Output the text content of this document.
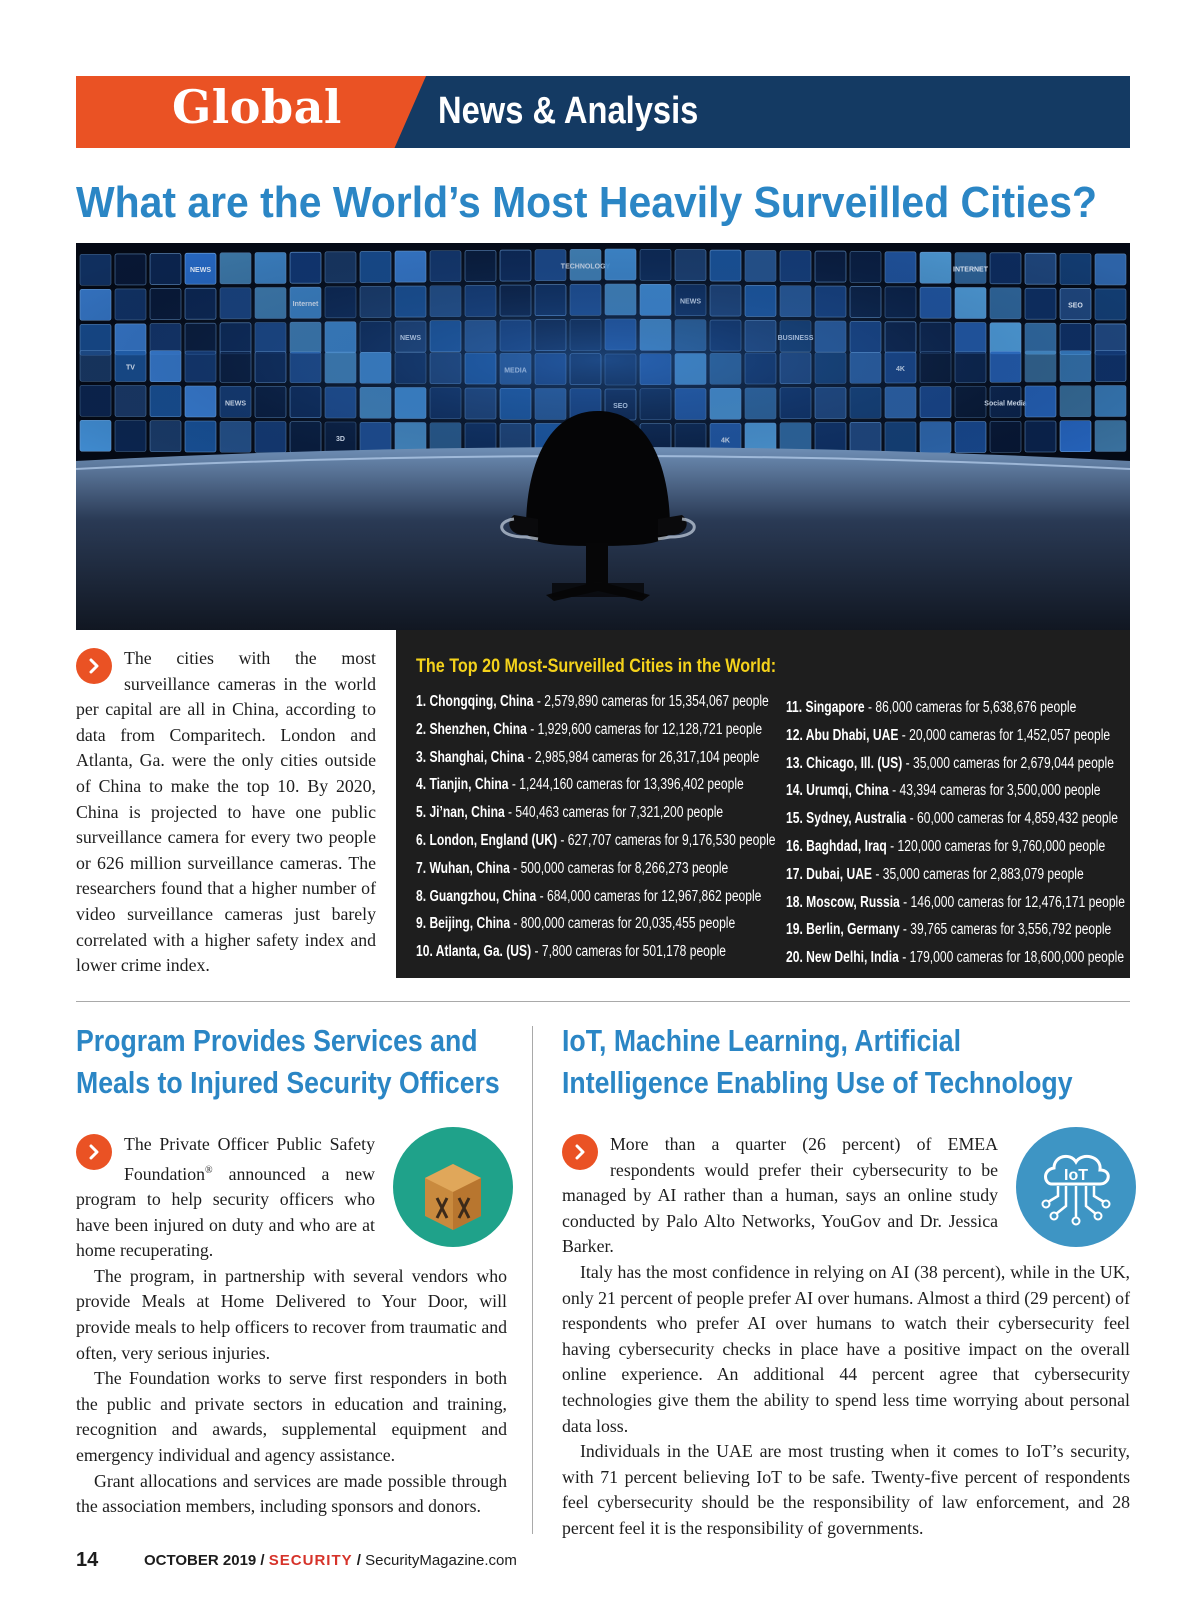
Global	News & Analysis
What are the World’s Most Heavily Surveilled Cities?
The cities with the most surveillance cameras in the world per capital are all in China, according to data from Comparitech. London and Atlanta, Ga. were the only cities outside of China to make the top 10. By 2020, China is projected to have one public surveillance camera for every two people or 626 million surveillance cameras. The researchers found that a higher number of video surveillance cameras just barely correlated with a higher safety index and lower crime index.
The Top 20 Most-Surveilled Cities in the World:
1. Chongqing, China - 2,579,890 cameras for 15,354,067 people
2. Shenzhen, China - 1,929,600 cameras for 12,128,721 people
3. Shanghai, China - 2,985,984 cameras for 26,317,104 people
4. Tianjin, China - 1,244,160 cameras for 13,396,402 people
5. Ji’nan, China - 540,463 cameras for 7,321,200 people
6. London, England (UK) - 627,707 cameras for 9,176,530 people
7. Wuhan, China - 500,000 cameras for 8,266,273 people
8. Guangzhou, China - 684,000 cameras for 12,967,862 people
9. Beijing, China - 800,000 cameras for 20,035,455 people
10. Atlanta, Ga. (US) - 7,800 cameras for 501,178 people
11. Singapore - 86,000 cameras for 5,638,676 people
12. Abu Dhabi, UAE - 20,000 cameras for 1,452,057 people
13. Chicago, Ill. (US) - 35,000 cameras for 2,679,044 people
14. Urumqi, China - 43,394 cameras for 3,500,000 people
15. Sydney, Australia - 60,000 cameras for 4,859,432 people
16. Baghdad, Iraq - 120,000 cameras for 9,760,000 people
17. Dubai, UAE - 35,000 cameras for 2,883,079 people
18. Moscow, Russia - 146,000 cameras for 12,476,171 people
19. Berlin, Germany - 39,765 cameras for 3,556,792 people
20. New Delhi, India - 179,000 cameras for 18,600,000 people
Program Provides Services and
Meals to Injured Security Officers

The Private Officer Public Safety Foundation® announced a new program to help security officers who have been injured on duty and who are at home recuperating.

The program, in partnership with several vendors who provide Meals at Home Delivered to Your Door, will provide meals to help officers to recover from traumatic and often, very serious injuries.

The Foundation works to serve first responders in both the public and private sectors in education and training, recognition and awards, supplemental equipment and emergency individual and agency assistance.

Grant allocations and services are made possible through the association members, including sponsors and donors.

IoT, Machine Learning, Artificial
Intelligence Enabling Use of Technology
IoT

More than a quarter (26 percent) of EMEA respondents would prefer their cybersecurity to be managed by AI rather than a human, says an online study conducted by Palo Alto Networks, YouGov and Dr. Jessica Barker.

Italy has the most confidence in relying on AI (38 percent), while in the UK, only 21 percent of people prefer AI over humans. Almost a third (29 percent) of respondents who prefer AI over humans to watch their cybersecurity feel having cybersecurity checks in place have a positive impact on the overall online experience. An additional 44 percent agree that cybersecurity technologies give them the ability to spend less time worrying about personal data loss.

Individuals in the UAE are most trusting when it comes to IoT’s security, with 71 percent believing IoT to be safe. Twenty-five percent of respondents feel cybersecurity should be the responsibility of law enforcement, and 28 percent feel it is the responsibility of governments.

14	OCTOBER 2019 / SECURITY / SecurityMagazine.com
